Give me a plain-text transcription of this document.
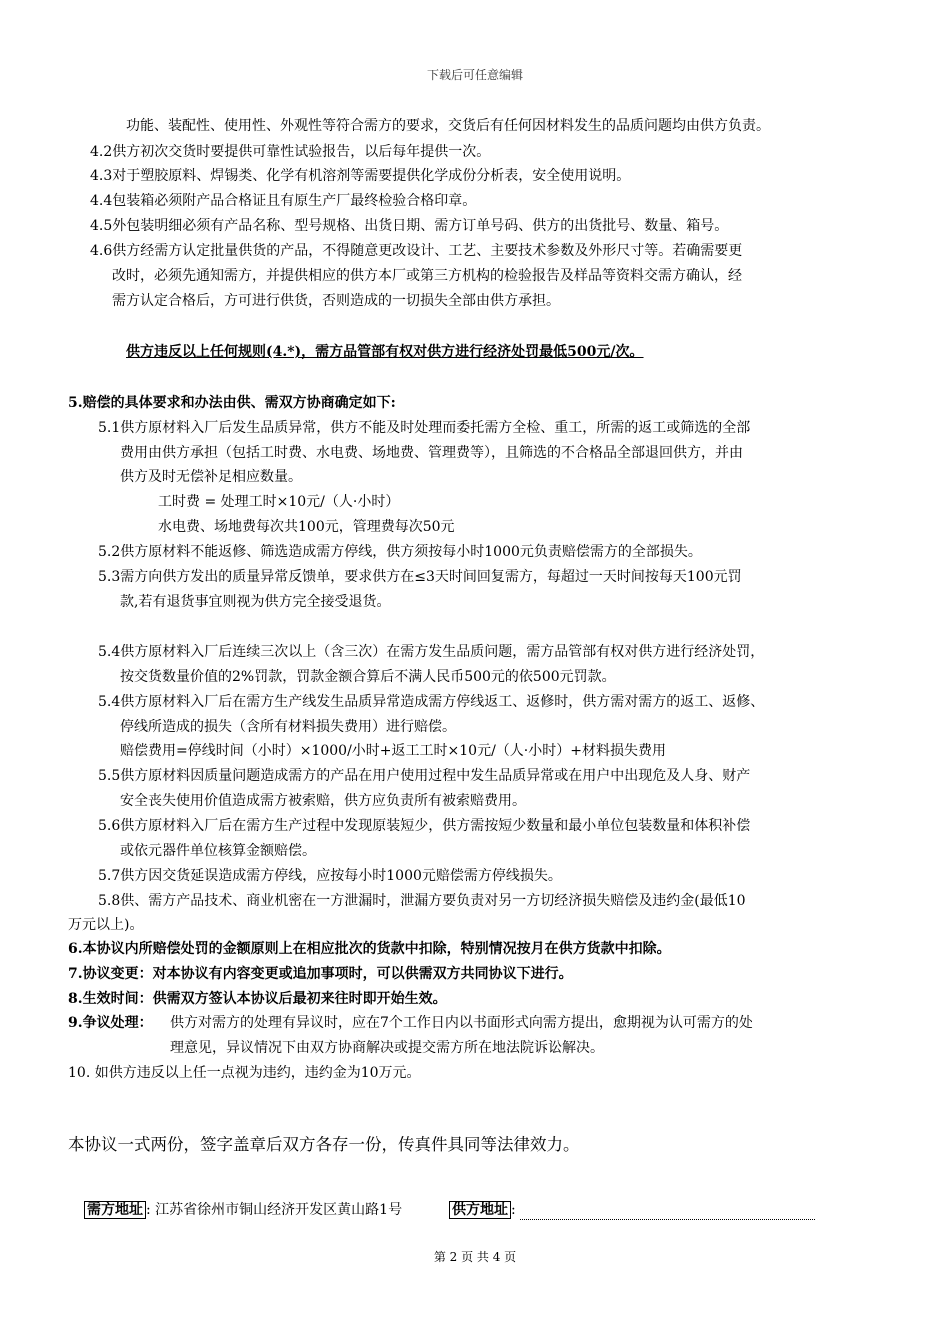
下载后可任意编辑
功能、装配性、使用性、外观性等符合需方的要求，交货后有任何因材料发生的品质问题均由供方负责。
4.2供方初次交货时要提供可靠性试验报告，以后每年提供一次。
4.3对于塑胶原料、焊锡类、化学有机溶剂等需要提供化学成份分析表，安全使用说明。
4.4包装箱必须附产品合格证且有原生产厂最终检验合格印章。
4.5外包装明细必须有产品名称、型号规格、出货日期、需方订单号码、供方的出货批号、数量、箱号。
4.6供方经需方认定批量供货的产品，不得随意更改设计、工艺、主要技术参数及外形尺寸等。若确需要更
改时，必须先通知需方，并提供相应的供方本厂或第三方机构的检验报告及样品等资料交需方确认，经
需方认定合格后，方可进行供货，否则造成的一切损失全部由供方承担。
供方违反以上任何规则(4.*)，需方品管部有权对供方进行经济处罚最低500元/次。
5.赔偿的具体要求和办法由供、需双方协商确定如下:
5.1供方原材料入厂后发生品质异常，供方不能及时处理而委托需方全检、重工，所需的返工或筛选的全部
费用由供方承担（包括工时费、水电费、场地费、管理费等），且筛选的不合格品全部退回供方，并由
供方及时无偿补足相应数量。
工时费 = 处理工时×10元/（人·小时）
水电费、场地费每次共100元，管理费每次50元
5.2供方原材料不能返修、筛选造成需方停线，供方须按每小时1000元负责赔偿需方的全部损失。
5.3需方向供方发出的质量异常反馈单，要求供方在≤3天时间回复需方，每超过一天时间按每天100元罚
款,若有退货事宜则视为供方完全接受退货。
5.4供方原材料入厂后连续三次以上（含三次）在需方发生品质问题，需方品管部有权对供方进行经济处罚，
按交货数量价值的2%罚款，罚款金额合算后不满人民币500元的依500元罚款。
5.4供方原材料入厂后在需方生产线发生品质异常造成需方停线返工、返修时，供方需对需方的返工、返修、
停线所造成的损失（含所有材料损失费用）进行赔偿。
赔偿费用=停线时间（小时）×1000/小时+返工工时×10元/（人·小时）+材料损失费用
5.5供方原材料因质量问题造成需方的产品在用户使用过程中发生品质异常或在用户中出现危及人身、财产
安全丧失使用价值造成需方被索赔，供方应负责所有被索赔费用。
5.6供方原材料入厂后在需方生产过程中发现原装短少，供方需按短少数量和最小单位包装数量和体积补偿
或依元器件单位核算金额赔偿。
5.7供方因交货延误造成需方停线，应按每小时1000元赔偿需方停线损失。
5.8供、需方产品技术、商业机密在一方泄漏时，泄漏方要负责对另一方切经济损失赔偿及违约金(最低10
万元以上)。
6.本协议内所赔偿处罚的金额原则上在相应批次的货款中扣除，特别情况按月在供方货款中扣除。
7.协议变更：对本协议有内容变更或追加事项时，可以供需双方共同协议下进行。
8.生效时间：供需双方签认本协议后最初来往时即开始生效。
9.争议处理： 供方对需方的处理有异议时，应在7个工作日内以书面形式向需方提出，愈期视为认可需方的处
理意见，异议情况下由双方协商解决或提交需方所在地法院诉讼解决。
10. 如供方违反以上任一点视为违约，违约金为10万元。
本协议一式两份，签字盖章后双方各存一份，传真件具同等法律效力。
需方地址 : 江苏省徐州市铜山经济开发区黄山路1号	供方地址 :
第 2 页 共 4 页
